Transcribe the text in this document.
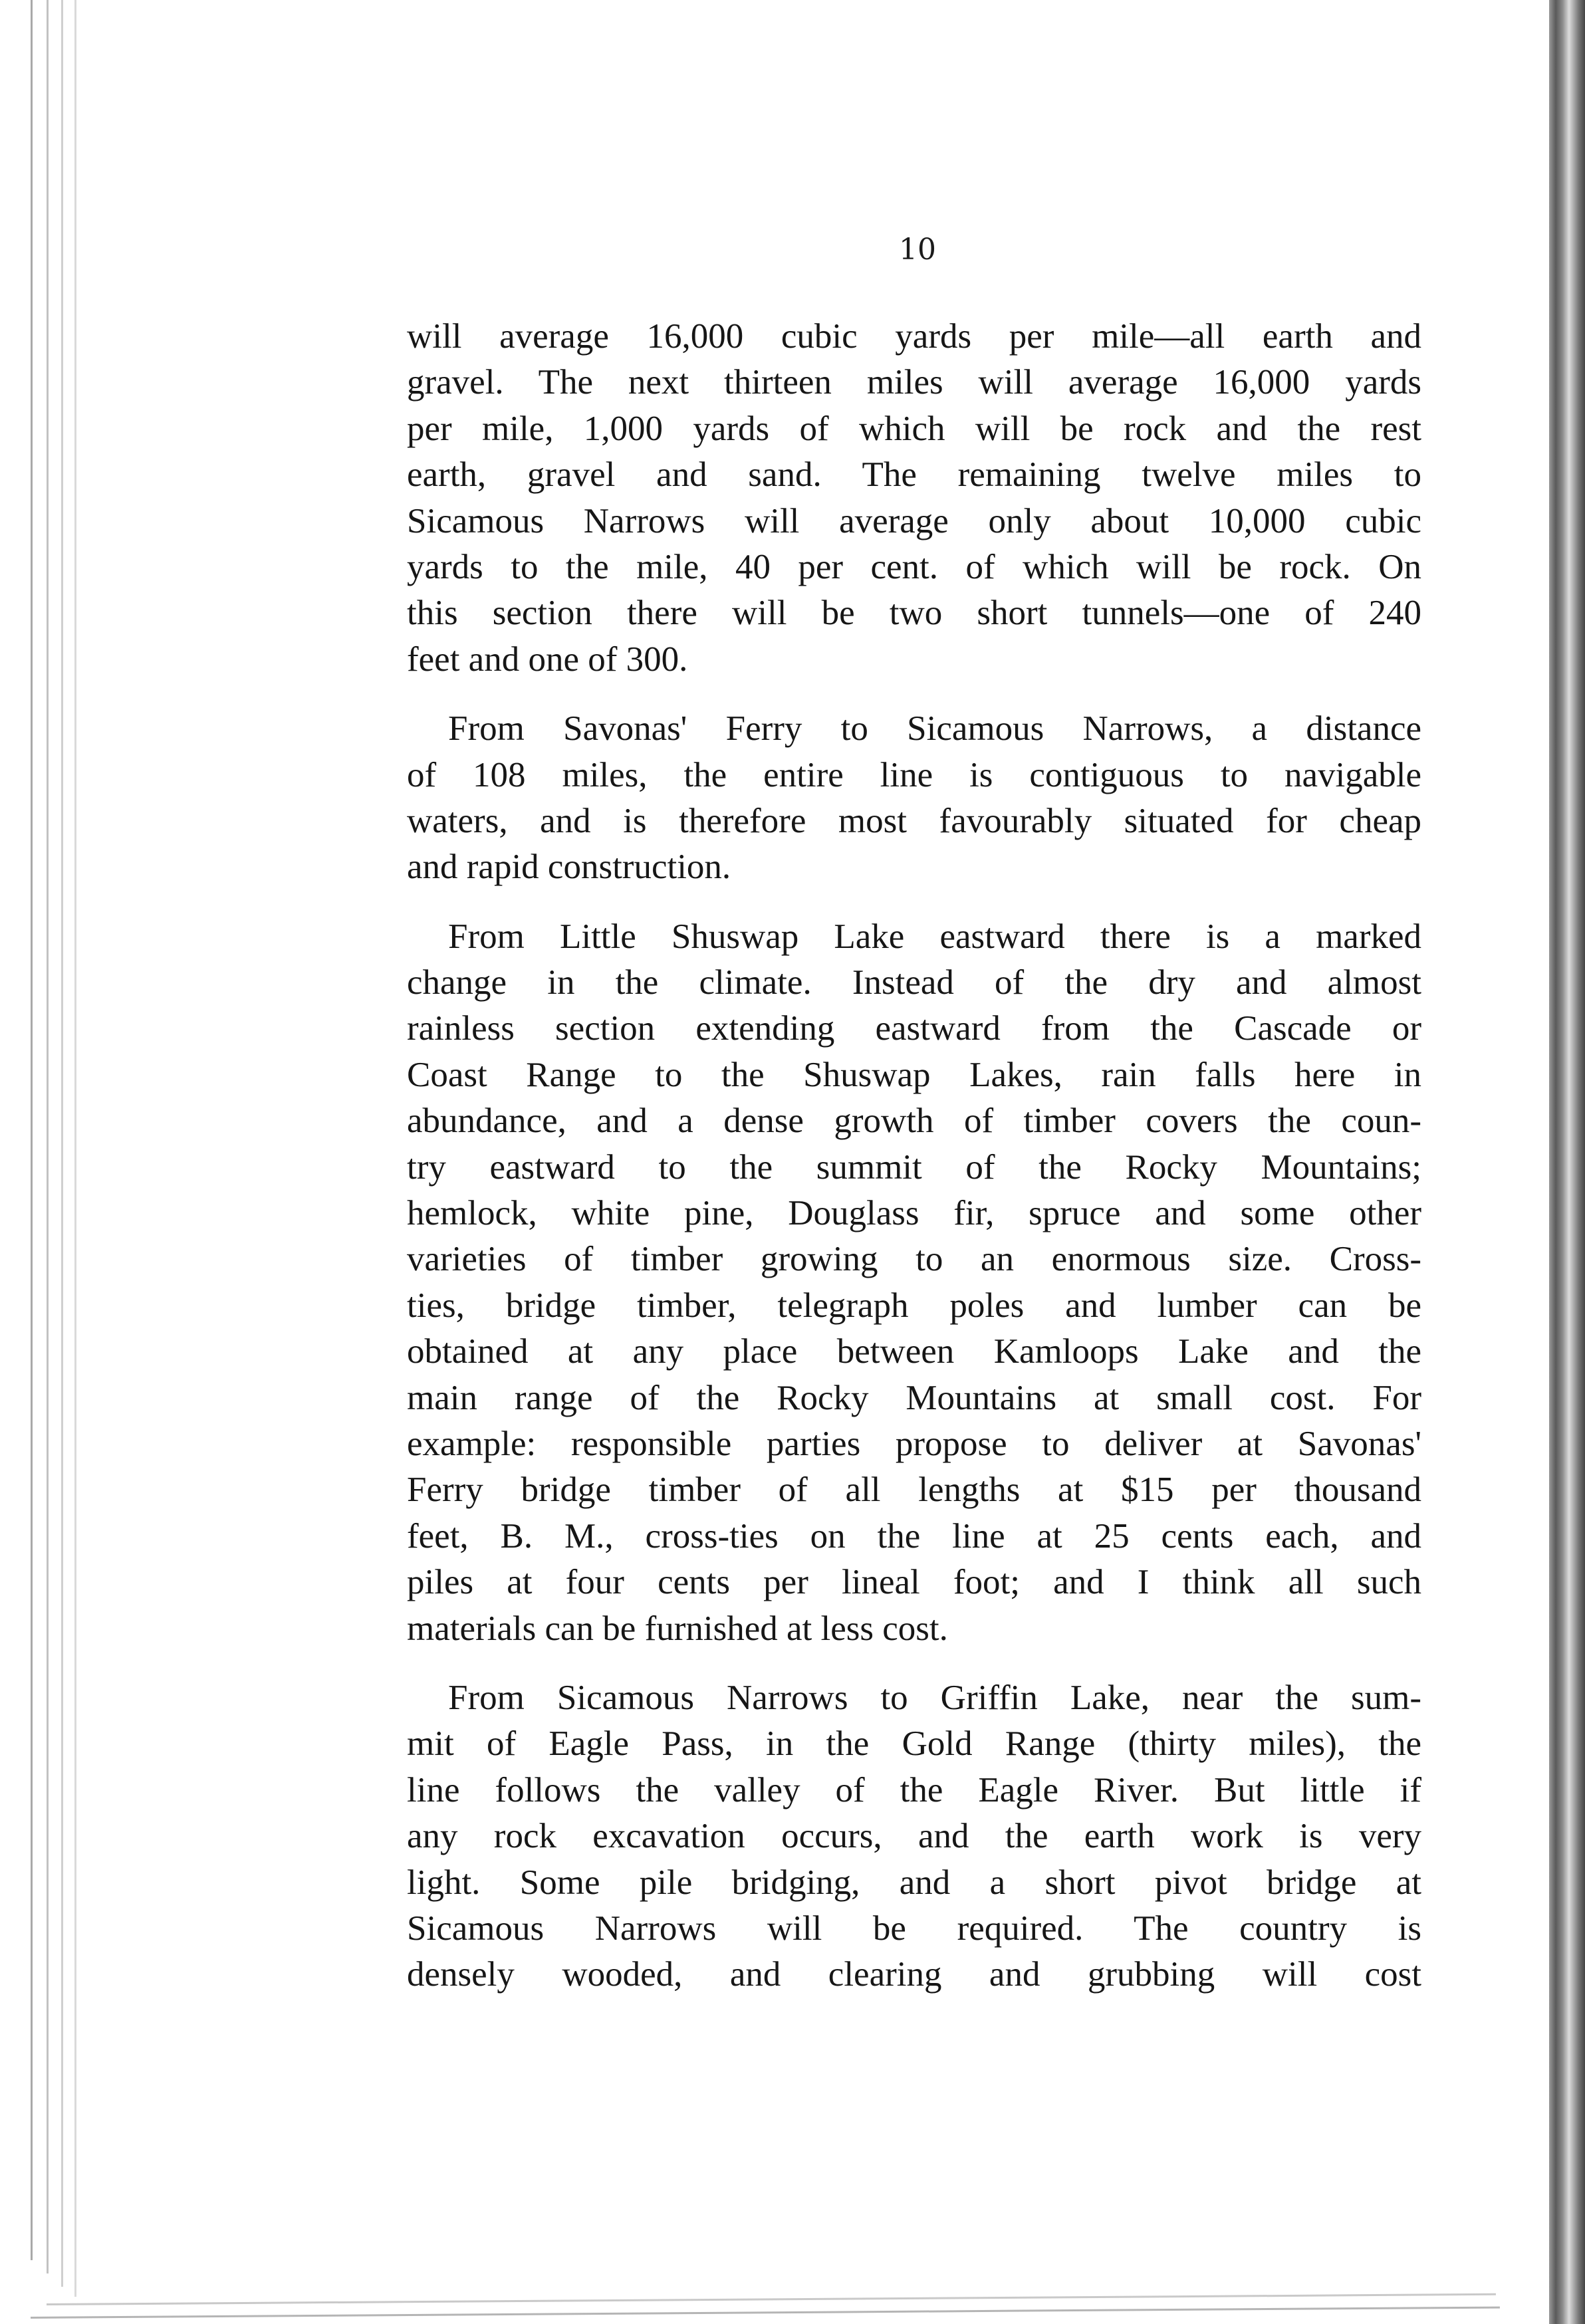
10
will average 16,000 cubic yards per mile—all earth and
gravel. The next thirteen miles will average 16,000 yards
per mile, 1,000 yards of which will be rock and the rest
earth, gravel and sand. The remaining twelve miles to
Sicamous Narrows will average only about 10,000 cubic
yards to the mile, 40 per cent. of which will be rock. On
this section there will be two short tunnels—one of 240
feet and one of 300.
From Savonas' Ferry to Sicamous Narrows, a distance
of 108 miles, the entire line is contiguous to navigable
waters, and is therefore most favourably situated for cheap
and rapid construction.
From Little Shuswap Lake eastward there is a marked
change in the climate. Instead of the dry and almost
rainless section extending eastward from the Cascade or
Coast Range to the Shuswap Lakes, rain falls here in
abundance, and a dense growth of timber covers the coun-
try eastward to the summit of the Rocky Mountains;
hemlock, white pine, Douglass fir, spruce and some other
varieties of timber growing to an enormous size. Cross-
ties, bridge timber, telegraph poles and lumber can be
obtained at any place between Kamloops Lake and the
main range of the Rocky Mountains at small cost. For
example: responsible parties propose to deliver at Savonas'
Ferry bridge timber of all lengths at $15 per thousand
feet, B. M., cross-ties on the line at 25 cents each, and
piles at four cents per lineal foot; and I think all such
materials can be furnished at less cost.
From Sicamous Narrows to Griffin Lake, near the sum-
mit of Eagle Pass, in the Gold Range (thirty miles), the
line follows the valley of the Eagle River. But little if
any rock excavation occurs, and the earth work is very
light. Some pile bridging, and a short pivot bridge at
Sicamous Narrows will be required. The country is
densely wooded, and clearing and grubbing will cost
